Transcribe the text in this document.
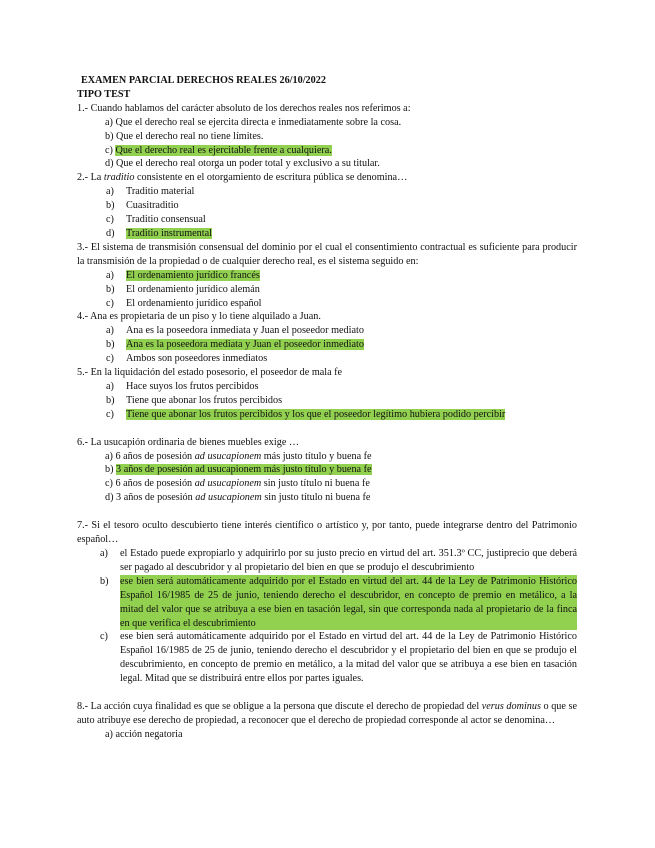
EXAMEN PARCIAL DERECHOS REALES 26/10/2022
TIPO TEST
1.- Cuando hablamos del carácter absoluto de los derechos reales nos referimos a:
a) Que el derecho real se ejercita directa e inmediatamente sobre la cosa.
b) Que el derecho real no tiene límites.
c) Que el derecho real es ejercitable frente a cualquiera.
d) Que el derecho real otorga un poder total y exclusivo a su titular.
2.- La traditio consistente en el otorgamiento de escritura pública se denomina…
a) Traditio material
b) Cuasitraditio
c) Traditio consensual
d) Traditio instrumental
3.- El sistema de transmisión consensual del dominio por el cual el consentimiento contractual es suficiente para producir la transmisión de la propiedad o de cualquier derecho real, es el sistema seguido en:
a) El ordenamiento jurídico francés
b) El ordenamiento jurídico alemán
c) El ordenamiento jurídico español
4.- Ana es propietaria de un piso y lo tiene alquilado a Juan.
a) Ana es la poseedora inmediata y Juan el poseedor mediato
b) Ana es la poseedora mediata y Juan el poseedor inmediato
c) Ambos son poseedores inmediatos
5.- En la liquidación del estado posesorio, el poseedor de mala fe
a) Hace suyos los frutos percibidos
b) Tiene que abonar los frutos percibidos
c) Tiene que abonar los frutos percibidos y los que el poseedor legítimo hubiera podido percibir
6.- La usucapión ordinaria de bienes muebles exige …
a) 6 años de posesión ad usucapionem más justo título y buena fe
b) 3 años de posesión ad usucapionem más justo título y buena fe
c) 6 años de posesión ad usucapionem sin justo título ni buena fe
d) 3 años de posesión ad usucapionem sin justo título ni buena fe
7.- Si el tesoro oculto descubierto tiene interés científico o artístico y, por tanto, puede integrarse dentro del Patrimonio español…
a)	el Estado puede expropiarlo y adquirirlo por su justo precio en virtud del art. 351.3º CC, justiprecio que deberá ser pagado al descubridor y al propietario del bien en que se produjo el descubrimiento
b)	ese bien será automáticamente adquirido por el Estado en virtud del art. 44 de la Ley de Patrimonio Histórico Español 16/1985 de 25 de junio, teniendo derecho el descubridor, en concepto de premio en metálico, a la mitad del valor que se atribuya a ese bien en tasación legal, sin que corresponda nada al propietario de la finca en que verifica el descubrimiento
c)	ese bien será automáticamente adquirido por el Estado en virtud del art. 44 de la Ley de Patrimonio Histórico Español 16/1985 de 25 de junio, teniendo derecho el descubridor y el propietario del bien en que se produjo el descubrimiento, en concepto de premio en metálico, a la mitad del valor que se atribuya a ese bien en tasación legal. Mitad que se distribuirá entre ellos por partes iguales.
8.- La acción cuya finalidad es que se obligue a la persona que discute el derecho de propiedad del verus dominus o que se auto atribuye ese derecho de propiedad, a reconocer que el derecho de propiedad corresponde al actor se denomina…
a) acción negatoria
